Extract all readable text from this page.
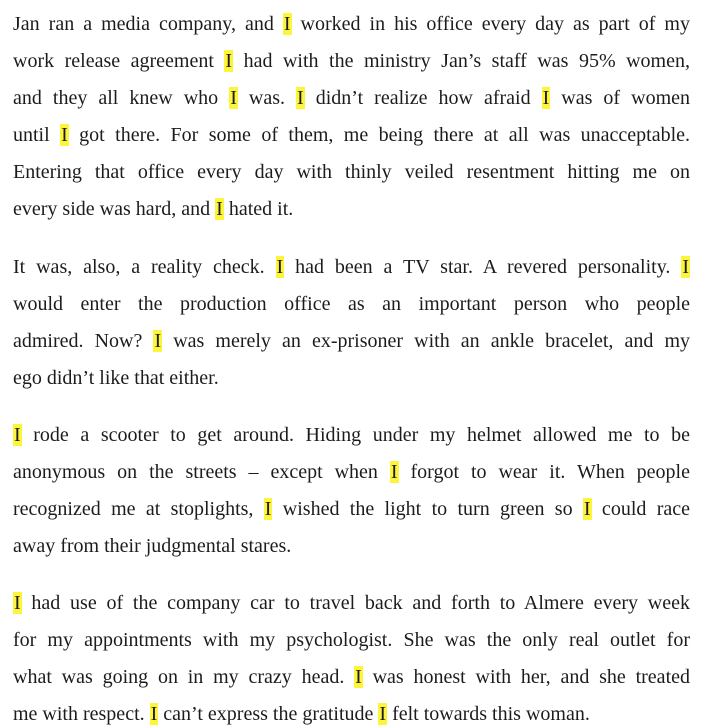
Jan ran a media company, and I worked in his office every day as part of my
work release agreement I had with the ministry Jan’s staff was 95% women,
and they all knew who I was. I didn’t realize how afraid I was of women
until I got there. For some of them, me being there at all was unacceptable.
Entering that office every day with thinly veiled resentment hitting me on
every side was hard, and I hated it.
It was, also, a reality check. I had been a TV star. A revered personality. I
would enter the production office as an important person who people
admired. Now? I was merely an ex-prisoner with an ankle bracelet, and my
ego didn’t like that either.
I rode a scooter to get around. Hiding under my helmet allowed me to be
anonymous on the streets – except when I forgot to wear it. When people
recognized me at stoplights, I wished the light to turn green so I could race
away from their judgmental stares.
I had use of the company car to travel back and forth to Almere every week
for my appointments with my psychologist. She was the only real outlet for
what was going on in my crazy head. I was honest with her, and she treated
me with respect. I can’t express the gratitude I felt towards this woman.
